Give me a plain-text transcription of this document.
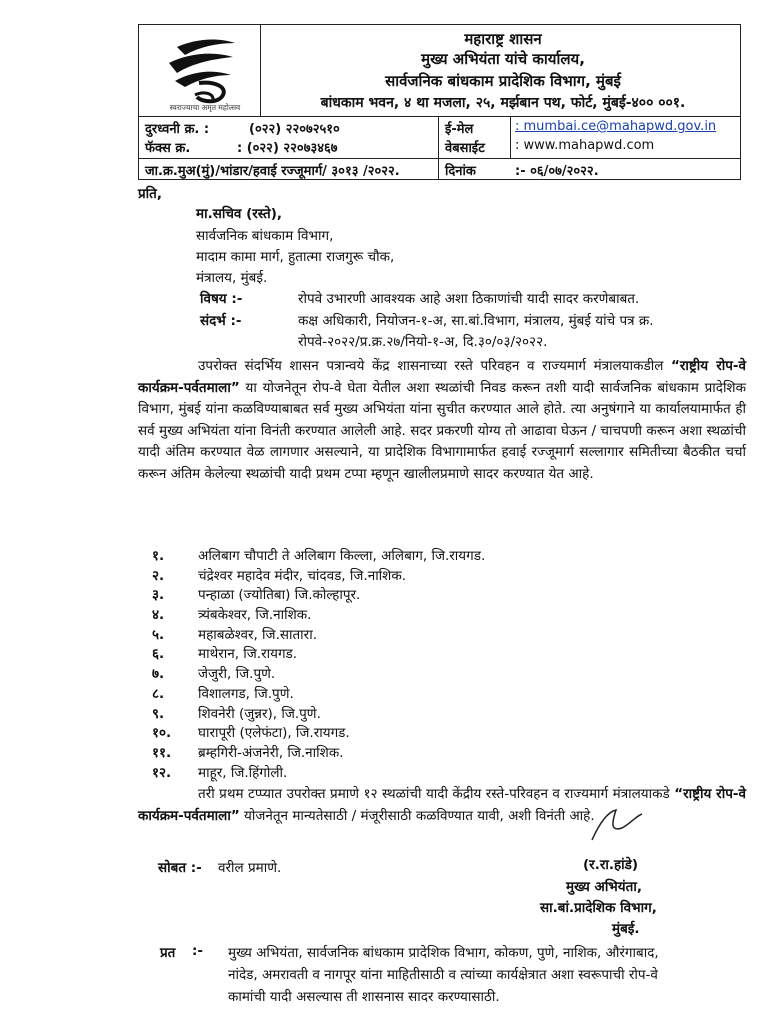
स्वराज्याचा अमृत महोत्सव
महाराष्ट्र शासन
मुख्य अभियंता यांचे कार्यालय,
सार्वजनिक बांधकाम प्रादेशिक विभाग, मुंबई
बांधकाम भवन, ४ था मजला, २५, मर्झबान पथ, फोर्ट, मुंबई-४०० ००१.
दुरध्वनी क्र. :	(०२२) २२०७२५१०
फॅक्स क्र.	: (०२२) २२०७३४६७
ई-मेल	: mumbai.ce@mahapwd.gov.in
वेबसाईट : www.mahapwd.com
जा.क्र.मुअ(मुं)/भांडार/हवाई रज्जूमार्ग/ ३०१३ /२०२२.	दिनांक	:- ०६/०७/२०२२.
प्रति,
मा.सचिव (रस्ते),
सार्वजनिक बांधकाम विभाग,
मादाम कामा मार्ग, हुतात्मा राजगुरू चौक,
मंत्रालय, मुंबई.
विषय :-	रोपवे उभारणी आवश्यक आहे अशा ठिकाणांची यादी सादर करणेबाबत.
संदर्भ :-	कक्ष अधिकारी, नियोजन-१-अ, सा.बां.विभाग, मंत्रालय, मुंबई यांचे पत्र क्र.
रोपवे-२०२२/प्र.क्र.२७/नियो-१-अ, दि.३०/०३/२०२२.
उपरोक्त संदर्भिय शासन पत्रान्वये केंद्र शासनाच्या रस्ते परिवहन व राज्यमार्ग मंत्रालयाकडील “राष्ट्रीय रोप-वे कार्यक्रम-पर्वतमाला” या योजनेतून रोप-वे घेता येतील अशा स्थळांची निवड करून तशी यादी सार्वजनिक बांधकाम प्रादेशिक विभाग, मुंबई यांना कळविण्याबाबत सर्व मुख्य अभियंता यांना सुचीत करण्यात आले होते. त्या अनुषंगाने या कार्यालयामार्फत ही सर्व मुख्य अभियंता यांना विनंती करण्यात आलेली आहे. सदर प्रकरणी योग्य तो आढावा घेऊन / चाचपणी करून अशा स्थळांची यादी अंतिम करण्यात वेळ लागणार असल्याने, या प्रादेशिक विभागामार्फत हवाई रज्जूमार्ग सल्लागार समितीच्या बैठकीत चर्चा करून अंतिम केलेल्या स्थळांची यादी प्रथम टप्पा म्हणून खालीलप्रमाणे सादर करण्यात येत आहे.
१.	अलिबाग चौपाटी ते अलिबाग किल्ला, अलिबाग, जि.रायगड.
२.	चंद्रेश्वर महादेव मंदीर, चांदवड, जि.नाशिक.
३.	पन्हाळा (ज्योतिबा) जि.कोल्हापूर.
४.	त्र्यंबकेश्वर, जि.नाशिक.
५.	महाबळेश्वर, जि.सातारा.
६.	माथेरान, जि.रायगड.
७.	जेजुरी, जि.पुणे.
८.	विशालगड, जि.पुणे.
९.	शिवनेरी (जुन्नर), जि.पुणे.
१०.	घारापूरी (एलेफंटा), जि.रायगड.
११.	ब्रम्हगिरी-अंजनेरी, जि.नाशिक.
१२.	माहूर, जि.हिंगोली.
तरी प्रथम टप्प्यात उपरोक्त प्रमाणे १२ स्थळांची यादी केंद्रीय रस्ते-परिवहन व राज्यमार्ग मंत्रालयाकडे “राष्ट्रीय रोप-वे कार्यक्रम-पर्वतमाला” योजनेतून मान्यतेसाठी / मंजूरीसाठी कळविण्यात यावी, अशी विनंती आहे.
सोबत :- वरील प्रमाणे.	(र.रा.हांडे)
मुख्य अभियंता,
सा.बां.प्रादेशिक विभाग,
मुंबई.
प्रत :- मुख्य अभियंता, सार्वजनिक बांधकाम प्रादेशिक विभाग, कोकण, पुणे, नाशिक, औरंगाबाद,
नांदेड, अमरावती व नागपूर यांना माहितीसाठी व त्यांच्या कार्यक्षेत्रात अशा स्वरूपाची रोप-वे
कामांची यादी असल्यास ती शासनास सादर करण्यासाठी.
